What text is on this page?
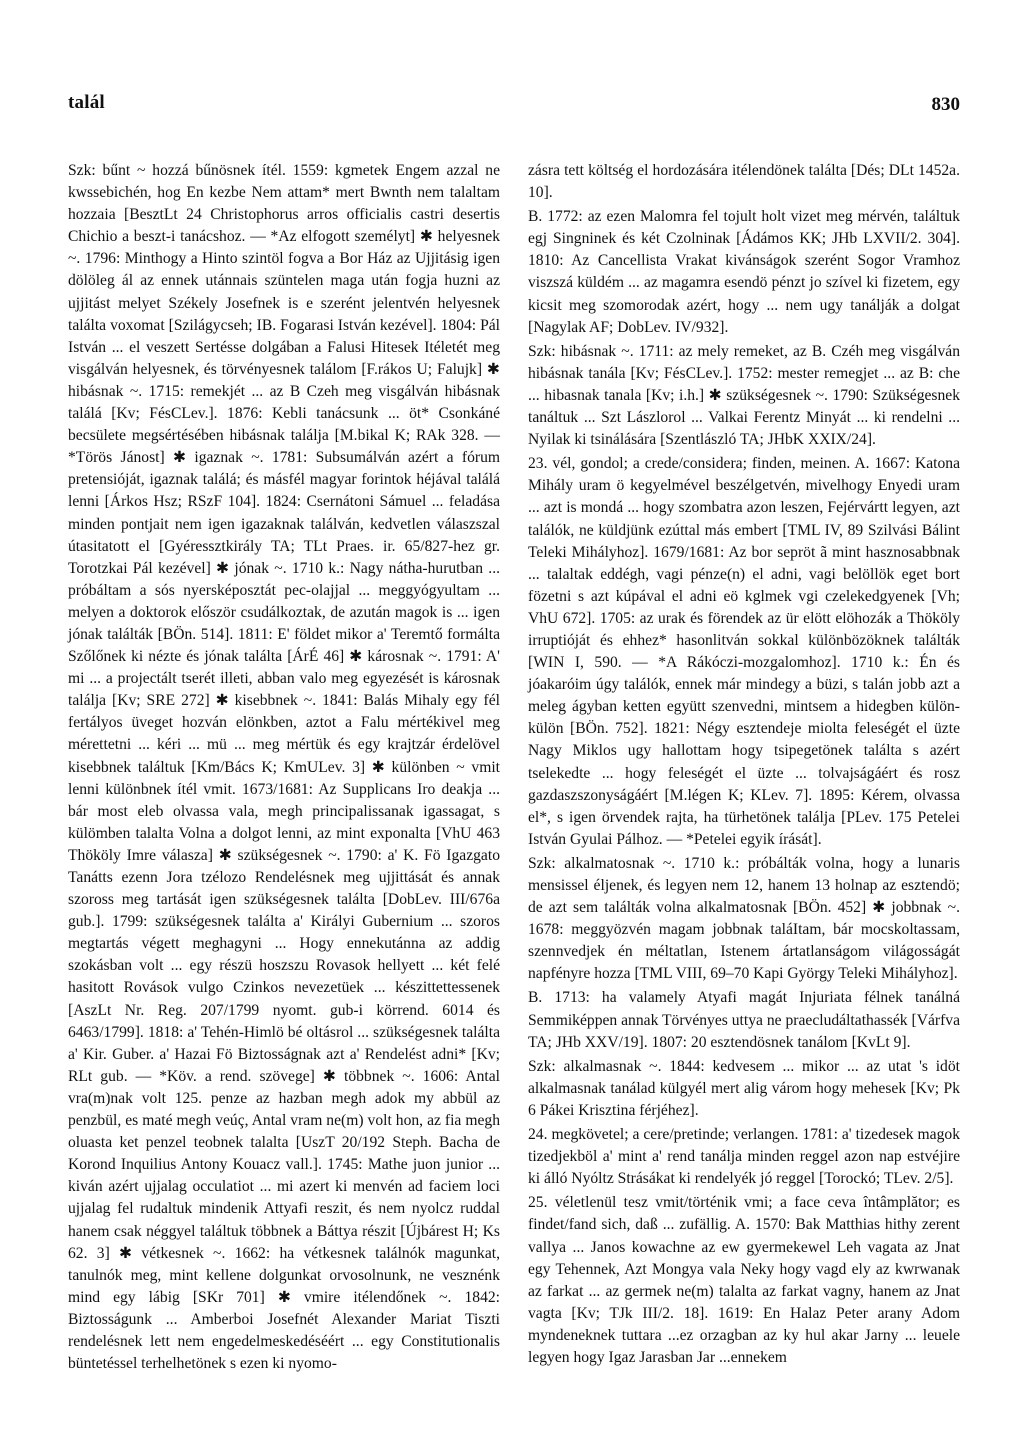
talál	830

Szk: bűnt ~ hozzá bűnösnek ítél. 1559: kgmetek Engem azzal ne kwssebichén, hog En kezbe Nem attam* mert Bwnth nem talaltam hozzaia [BesztLt 24 Christophorus arros officialis castri desertis Chichio a beszt-i tanácshoz. — *Az elfogott személyt] ✱ helyesnek ~. 1796: Minthogy a Hinto szintöl fogva a Bor Ház az Ujjitásig igen dölöleg ál az ennek utánnais szüntelen maga után fogja huzni az ujjitást melyet Székely Josefnek is e szerént jelentvén helyesnek találta voxomat [Szilágycseh; IB. Fogarasi István kezével]. 1804: Pál István ... el veszett Sertésse dolgában a Falusi Hitesek Itéletét meg visgálván helyesnek, és törvényesnek találom [F.rákos U; Falujk] ✱ hibásnak ~. 1715: remekjét ... az B Czeh meg visgálván hibásnak találá [Kv; FésCLev.]. 1876: Kebli tanácsunk ... öt* Csonkáné becsülete megsértésében hibásnak találja [M.bikal K; RAk 328. — *Törös Jánost] ✱ igaznak ~. 1781: Subsumálván azért a fórum pretensióját, igaznak találá; és másfél magyar forintok héjával találá lenni [Árkos Hsz; RSzF 104]. 1824: Csernátoni Sámuel ... feladása minden pontjait nem igen igazaknak találván, kedvetlen válaszszal útasitatott el [Gyéressztkirály TA; TLt Praes. ir. 65/827-hez gr. Torotzkai Pál kezével] ✱ jónak ~. 1710 k.: Nagy nátha-hurutban ... próbáltam a sós nyersképosztát pec-olajjal ... meggyógyultam ... melyen a doktorok először csudálkoztak, de azután magok is ... igen jónak találták [BÖn. 514]. 1811: E' földet mikor a' Teremtő formálta Szőlőnek ki nézte és jónak találta [ÁrÉ 46] ✱ károsnak ~. 1791: A' mi ... a projectált tserét illeti, abban valo meg egyezését is károsnak találja [Kv; SRE 272] ✱ kisebbnek ~. 1841: Balás Mihaly egy fél fertályos üveget hozván elönkben, aztot a Falu mértékivel meg mérettetni ... kéri ... mü ... meg mértük és egy krajtzár érdelövel kisebbnek találtuk [Km/Bács K; KmULev. 3] ✱ különben ~ vmit lenni különbnek ítél vmit. 1673/1681: Az Supplicans Iro deakja ... bár most eleb olvassa vala, megh principalissanak igassagat, s külömben talalta Volna a dolgot lenni, az mint exponalta [VhU 463 Thököly Imre válasza] ✱ szükségesnek ~. 1790: a' K. Fö Igazgato Tanátts ezenn Jora tzélozo Rendelésnek meg ujjittását és annak szoross meg tartását igen szükségesnek találta [DobLev. III/676a gub.]. 1799: szükségesnek találta a' Királyi Gubernium ... szoros megtartás végett meghagyni ... Hogy ennekutánna az addig szokásban volt ... egy részü hoszszu Rovasok hellyett ... két felé hasitott Rovások vulgo Czinkos nevezetüek ... készittettessenek [AszLt Nr. Reg. 207/1799 nyomt. gub-i körrend. 6014 és 6463/1799]. 1818: a' Tehén-Himlö bé oltásrol ... szükségesnek találta a' Kir. Guber. a' Hazai Fö Biztosságnak azt a' Rendelést adni* [Kv; RLt gub. — *Köv. a rend. szövege] ✱ többnek ~. 1606: Antal vra(m)nak volt 125. penze az hazban megh adok my abbül az penzbül, es maté megh veúç, Antal vram ne(m) volt hon, az fia megh oluasta ket penzel teobnek talalta [UszT 20/192 Steph. Bacha de Korond Inquilius Antony Kouacz vall.]. 1745: Mathe juon junior ... kiván azért ujjalag occulatiot ... mi azert ki menvén ad faciem loci ujjalag fel rudaltuk mindenik Attyafi reszit, és nem nyolcz ruddal hanem csak néggyel találtuk többnek a Báttya részit [Újbárest H; Ks 62. 3] ✱ vétkesnek ~. 1662: ha vétkesnek találnók magunkat, tanulnók meg, mint kellene dolgunkat orvosolnunk, ne vesznénk mind egy lábig [SKr 701] ✱ vmire itélendőnek ~. 1842: Biztosságunk ... Amberboi Josefnét Alexander Mariat Tiszti rendelésnek lett nem engedelmeskedéséért ... egy Constitutionalis büntetéssel terhelhetönek s ezen ki nyomo-

zásra tett költség el hordozására itélendönek találta [Dés; DLt 1452a. 10].

B. 1772: az ezen Malomra fel tojult holt vizet meg mérvén, találtuk egj Singninek és két Czolninak [Ádámos KK; JHb LXVII/2. 304]. 1810: Az Cancellista Vrakat kivánságok szerént Sogor Vramhoz viszszá küldém ... az magamra esendö pénzt jo szível ki fizetem, egy kicsit meg szomorodak azért, hogy ... nem ugy tanálják a dolgat [Nagylak AF; DobLev. IV/932].

Szk: hibásnak ~. 1711: az mely remeket, az B. Czéh meg visgálván hibásnak tanála [Kv; FésCLev.]. 1752: mester remegjet ... az B: che ... hibasnak tanala [Kv; i.h.] ✱ szükségesnek ~. 1790: Szükségesnek tanáltuk ... Szt Lászlorol ... Valkai Ferentz Minyát ... ki rendelni ... Nyilak ki tsinálására [Szentlászló TA; JHbK XXIX/24].

23. vél, gondol; a crede/considera; finden, meinen. A. 1667: Katona Mihály uram ö kegyelmével beszélgetvén, mivelhogy Enyedi uram ... azt is mondá ... hogy szombatra azon leszen, Fejérvártt legyen, azt találók, ne küldjünk ezúttal más embert [TML IV, 89 Szilvási Bálint Teleki Mihályhoz]. 1679/1681: Az bor sepröt ã mint hasznosabbnak ... talaltak eddégh, vagi pénze(n) el adni, vagi belöllök eget bort fözetni s azt kúpával el adni eö kglmek vgi czelekedgyenek [Vh; VhU 672]. 1705: az urak és förendek az ür elött elöhozák a Thököly irruptióját és ehhez* hasonlitván sokkal különbözöknek találták [WIN I, 590. — *A Rákóczi-mozgalomhoz]. 1710 k.: Én és jóakaróim úgy találók, ennek már mindegy a büzi, s talán jobb azt a meleg ágyban ketten együtt szenvedni, mintsem a hidegben külön-külön [BÖn. 752]. 1821: Négy esztendeje miolta feleségét el üzte Nagy Miklos ugy hallottam hogy tsipegetönek találta s azért tselekedte ... hogy feleségét el üzte ... tolvajságáért és rosz gazdaszszonyságáért [M.légen K; KLev. 7]. 1895: Kérem, olvassa el*, s igen örvendek rajta, ha türhetönek találja [PLev. 175 Petelei István Gyulai Pálhoz. — *Petelei egyik írását].

Szk: alkalmatosnak ~. 1710 k.: próbálták volna, hogy a lunaris mensissel éljenek, és legyen nem 12, hanem 13 holnap az esztendö; de azt sem találták volna alkalmatosnak [BÖn. 452] ✱ jobbnak ~. 1678: meggyözvén magam jobbnak taláItam, bár mocskoltassam, szennvedjek én méltatlan, Istenem ártatlanságom világosságát napfényre hozza [TML VIII, 69–70 Kapi György Teleki Mihályhoz].

B. 1713: ha valamely Atyafi magát Injuriata félnek tanálná Semmiképpen annak Törvényes uttya ne praecludáltathassék [Várfva TA; JHb XXV/19]. 1807: 20 esztendösnek tanálom [KvLt 9].

Szk: alkalmasnak ~. 1844: kedvesem ... mikor ... az utat 's idöt alkalmasnak tanálad külgyél mert alig várom hogy mehesek [Kv; Pk 6 Pákei Krisztina férjéhez].

24. megkövetel; a cere/pretinde; verlangen. 1781: a' tizedesek magok tizedjekböl a' mint a' rend tanálja minden reggel azon nap estvéjire ki álló Nyóltz Strásákat ki rendelyék jó reggel [Torockó; TLev. 2/5].

25. véletlenül tesz vmit/történik vmi; a face ceva întâmplător; es findet/fand sich, daß ... zufällig. A. 1570: Bak Matthias hithy zerent vallya ... Janos kowachne az ew gyermekewel Leh vagata az Jnat egy Tehennek, Azt Mongya vala Neky hogy vagd ely az kwrwanak az farkat ... az germek ne(m) talalta az farkat vagny, hanem az Jnat vagta [Kv; TJk III/2. 18]. 1619: En Halaz Peter arany Adom myndeneknek tuttara ...ez orzagban az ky hul akar Jarny ... leuele legyen hogy Igaz Jarasban Jar ...ennekem
